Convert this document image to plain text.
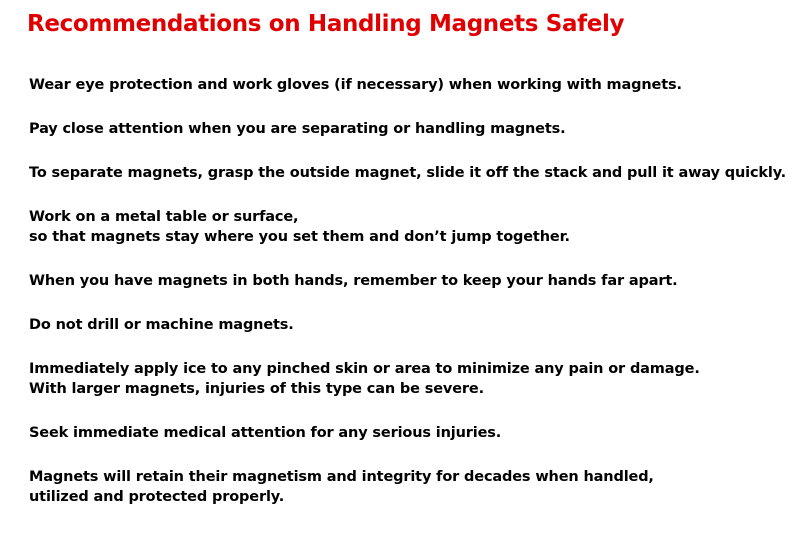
Recommendations on Handling Magnets Safely
Wear eye protection and work gloves (if necessary) when working with magnets.
Pay close attention when you are separating or handling magnets.
To separate magnets, grasp the outside magnet, slide it off the stack and pull it away quickly.
Work on a metal table or surface,
so that magnets stay where you set them and don’t jump together.
When you have magnets in both hands, remember to keep your hands far apart.
Do not drill or machine magnets.
Immediately apply ice to any pinched skin or area to minimize any pain or damage.
With larger magnets, injuries of this type can be severe.
Seek immediate medical attention for any serious injuries.
Magnets will retain their magnetism and integrity for decades when handled,
utilized and protected properly.
